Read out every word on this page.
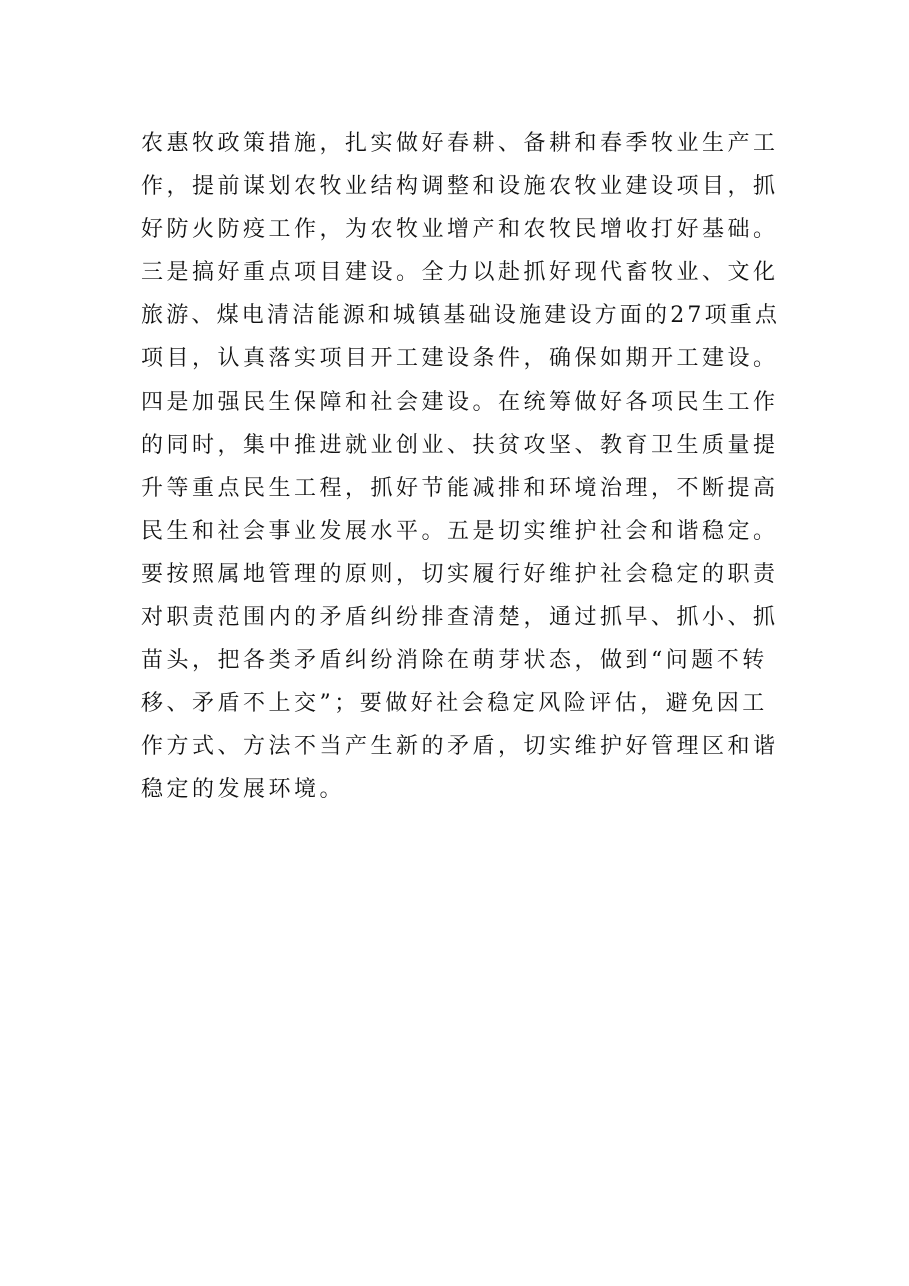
农惠牧政策措施，扎实做好春耕、备耕和春季牧业生产工
作，提前谋划农牧业结构调整和设施农牧业建设项目，抓
好防火防疫工作，为农牧业增产和农牧民增收打好基础。
三是搞好重点项目建设。全力以赴抓好现代畜牧业、文化
旅游、煤电清洁能源和城镇基础设施建设方面的27项重点
项目，认真落实项目开工建设条件，确保如期开工建设。
四是加强民生保障和社会建设。在统筹做好各项民生工作
的同时，集中推进就业创业、扶贫攻坚、教育卫生质量提
升等重点民生工程，抓好节能减排和环境治理，不断提高
民生和社会事业发展水平。五是切实维护社会和谐稳定。
要按照属地管理的原则，切实履行好维护社会稳定的职责
对职责范围内的矛盾纠纷排查清楚，通过抓早、抓小、抓
苗头，把各类矛盾纠纷消除在萌芽状态，做到“问题不转
移、矛盾不上交”；要做好社会稳定风险评估，避免因工
作方式、方法不当产生新的矛盾，切实维护好管理区和谐
稳定的发展环境。
